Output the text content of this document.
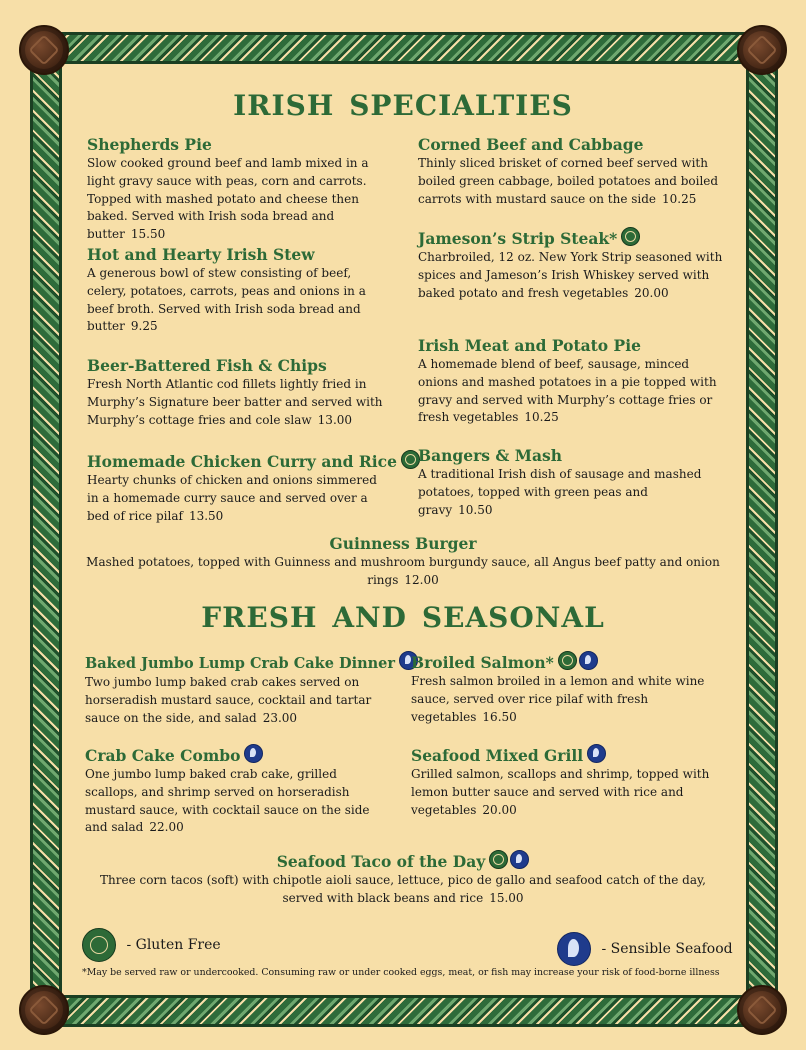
irish specialties
Shepherds Pie

Slow cooked ground beef and lamb mixed in a light gravy sauce with peas, corn and carrots. Topped with mashed potato and cheese then baked. Served with Irish soda bread and butter 15.50

Hot and Hearty Irish Stew

A generous bowl of stew consisting of beef, celery, potatoes, carrots, peas and onions in a beef broth. Served with Irish soda bread and butter 9.25

Beer-Battered Fish & Chips

Fresh North Atlantic cod fillets lightly fried in Murphy’s Signature beer batter and served with Murphy’s cottage fries and cole slaw 13.00

Homemade Chicken Curry and Rice

Hearty chunks of chicken and onions simmered in a homemade curry sauce and served over a bed of rice pilaf 13.50

Corned Beef and Cabbage

Thinly sliced brisket of corned beef served with boiled green cabbage, boiled potatoes and boiled carrots with mustard sauce on the side 10.25

Jameson’s Strip Steak*

Charbroiled, 12 oz. New York Strip seasoned with spices and Jameson’s Irish Whiskey served with baked potato and fresh vegetables 20.00

Irish Meat and Potato Pie

A homemade blend of beef, sausage, minced onions and mashed potatoes in a pie topped with gravy and served with Murphy’s cottage fries or fresh vegetables 10.25

Bangers & Mash

A traditional Irish dish of sausage and mashed potatoes, topped with green peas and gravy 10.50

Guinness Burger

Mashed potatoes, topped with Guinness and mushroom burgundy sauce, all Angus beef patty and onion rings 12.00

fresh and seasonal
Baked Jumbo Lump Crab Cake Dinner

Two jumbo lump baked crab cakes served on horseradish mustard sauce, cocktail and tartar sauce on the side, and salad 23.00

Broiled Salmon*

Fresh salmon broiled in a lemon and white wine sauce, served over rice pilaf with fresh vegetables 16.50

Crab Cake Combo

One jumbo lump baked crab cake, grilled scallops, and shrimp served on horseradish mustard sauce, with cocktail sauce on the side and salad 22.00

Seafood Mixed Grill

Grilled salmon, scallops and shrimp, topped with lemon butter sauce and served with rice and vegetables 20.00

Seafood Taco of the Day

Three corn tacos (soft) with chipotle aioli sauce, lettuce, pico de gallo and seafood catch of the day, served with black beans and rice 15.00

- Gluten Free	- Sensible Seafood
*May be served raw or undercooked. Consuming raw or under cooked eggs, meat, or fish may increase your risk of food-borne illness
